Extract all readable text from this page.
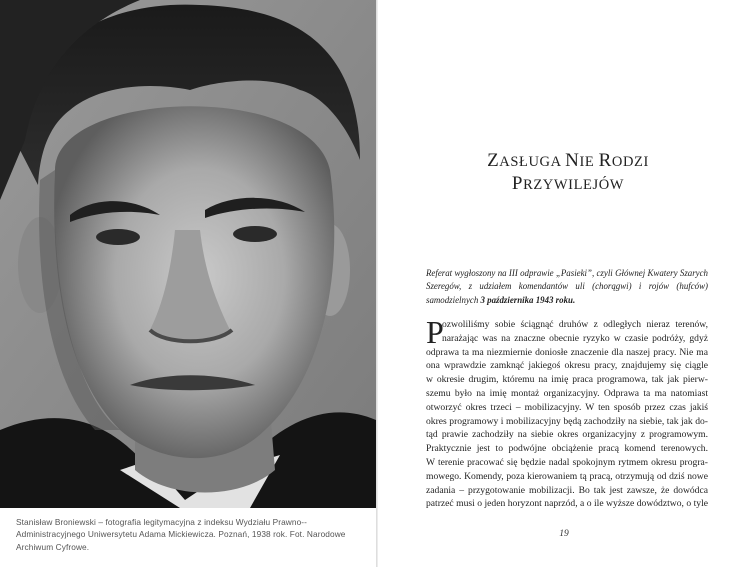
Stanisław Broniewski – fotografia legitymacyjna z indeksu Wydziału Prawno--Administracyjnego Uniwersytetu Adama Mickiewicza. Poznań, 1938 rok. Fot. Narodowe Archiwum Cyfrowe.
ZASŁUGA NIE RODZI
PRZYWILEJÓW

Referat wygłoszony na III odprawie „Pasieki”, czyli Głównej Kwatery Szarych Szeregów, z udziałem komendantów uli (chorągwi) i rojów (hufców) samodzielnych 3 października 1943 roku.

P
ozwoliliśmy sobie ściągnąć druhów z odległych nieraz terenów,
narażając was na znaczne obecnie ryzyko w czasie podróży, gdyż
odprawa ta ma niezmiernie doniosłe znaczenie dla naszej pracy. Nie ma
ona wprawdzie zamknąć jakiegoś okresu pracy, znajdujemy się ciągle
w okresie drugim, któremu na imię praca programowa, tak jak pierw-
szemu było na imię montaż organizacyjny. Odprawa ta ma natomiast
otworzyć okres trzeci – mobilizacyjny. W ten sposób przez czas jakiś
okres programowy i mobilizacyjny będą zachodziły na siebie, tak jak do-
tąd prawie zachodziły na siebie okres organizacyjny z programowym.
Praktycznie jest to podwójne obciążenie pracą komend terenowych.
W terenie pracować się będzie nadal spokojnym rytmem okresu progra-
mowego. Komendy, poza kierowaniem tą pracą, otrzymują od dziś nowe
zadania – przygotowanie mobilizacji. Bo tak jest zawsze, że dowódca
patrzeć musi o jeden horyzont naprzód, a o ile wyższe dowództwo, o tyle
19
